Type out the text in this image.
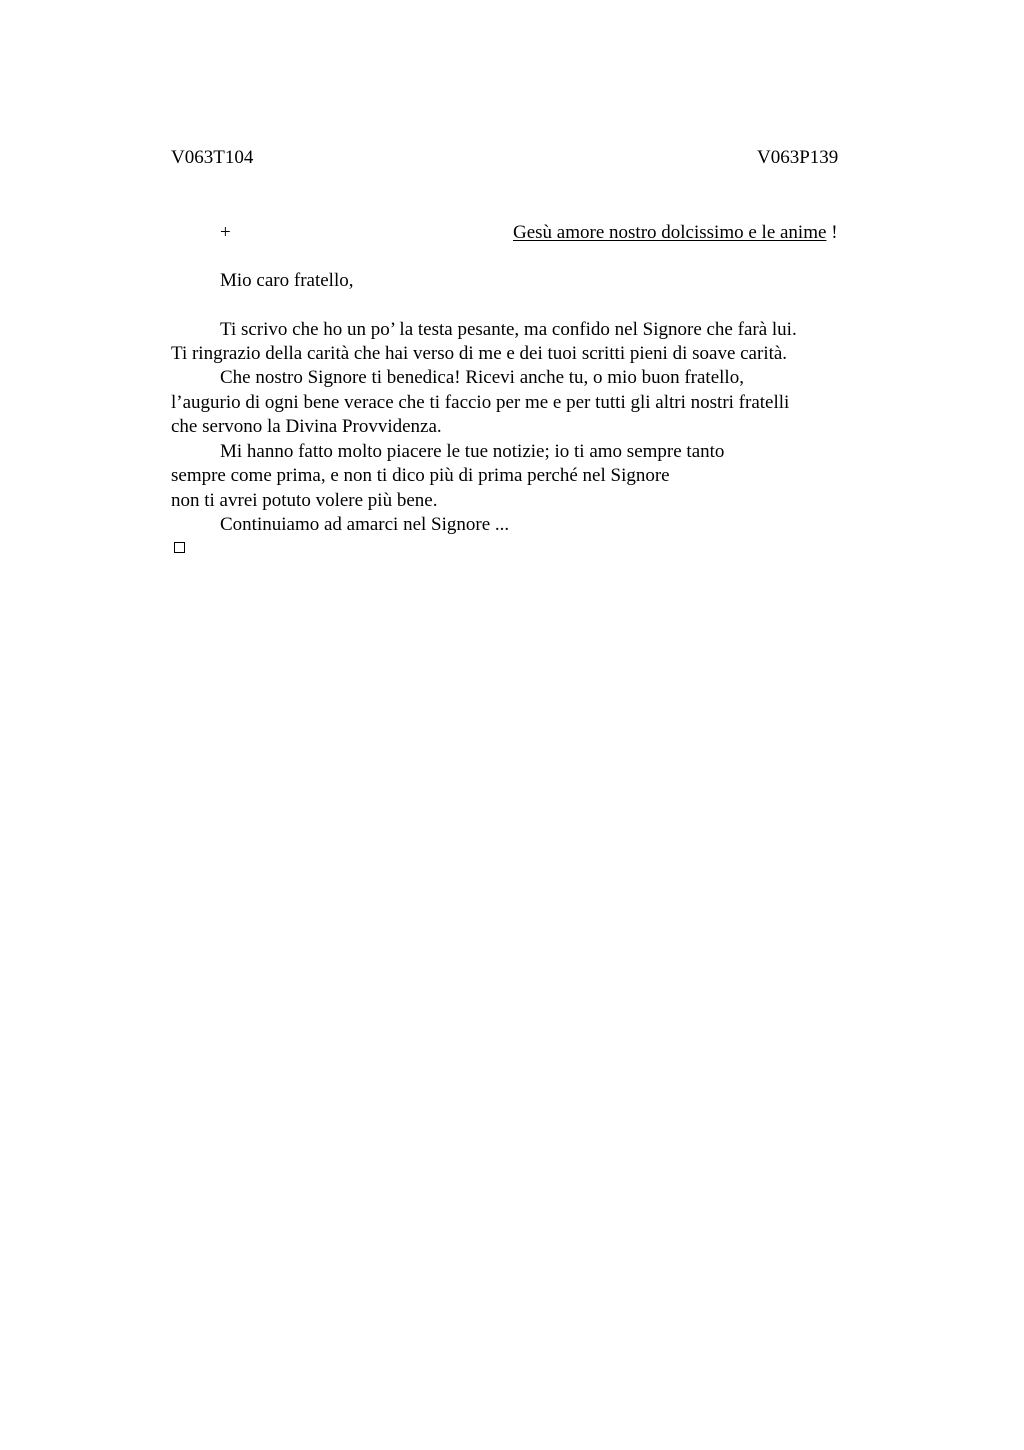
V063T104	V063P139
+	Gesù amore nostro dolcissimo e le anime !
Mio caro fratello,
Ti scrivo che ho un po’ la testa pesante, ma confido nel Signore che farà lui.
Ti ringrazio della carità che hai verso di me e dei tuoi scritti pieni di soave carità.
Che nostro Signore ti benedica! Ricevi anche tu, o mio buon fratello,
l’augurio di ogni bene verace che ti faccio per me e per tutti gli altri nostri fratelli
che servono la Divina Provvidenza.
Mi hanno fatto molto piacere le tue notizie; io ti amo sempre tanto
sempre come prima, e non ti dico più di prima perché nel Signore
non ti avrei potuto volere più bene.
Continuiamo ad amarci nel Signore ...
